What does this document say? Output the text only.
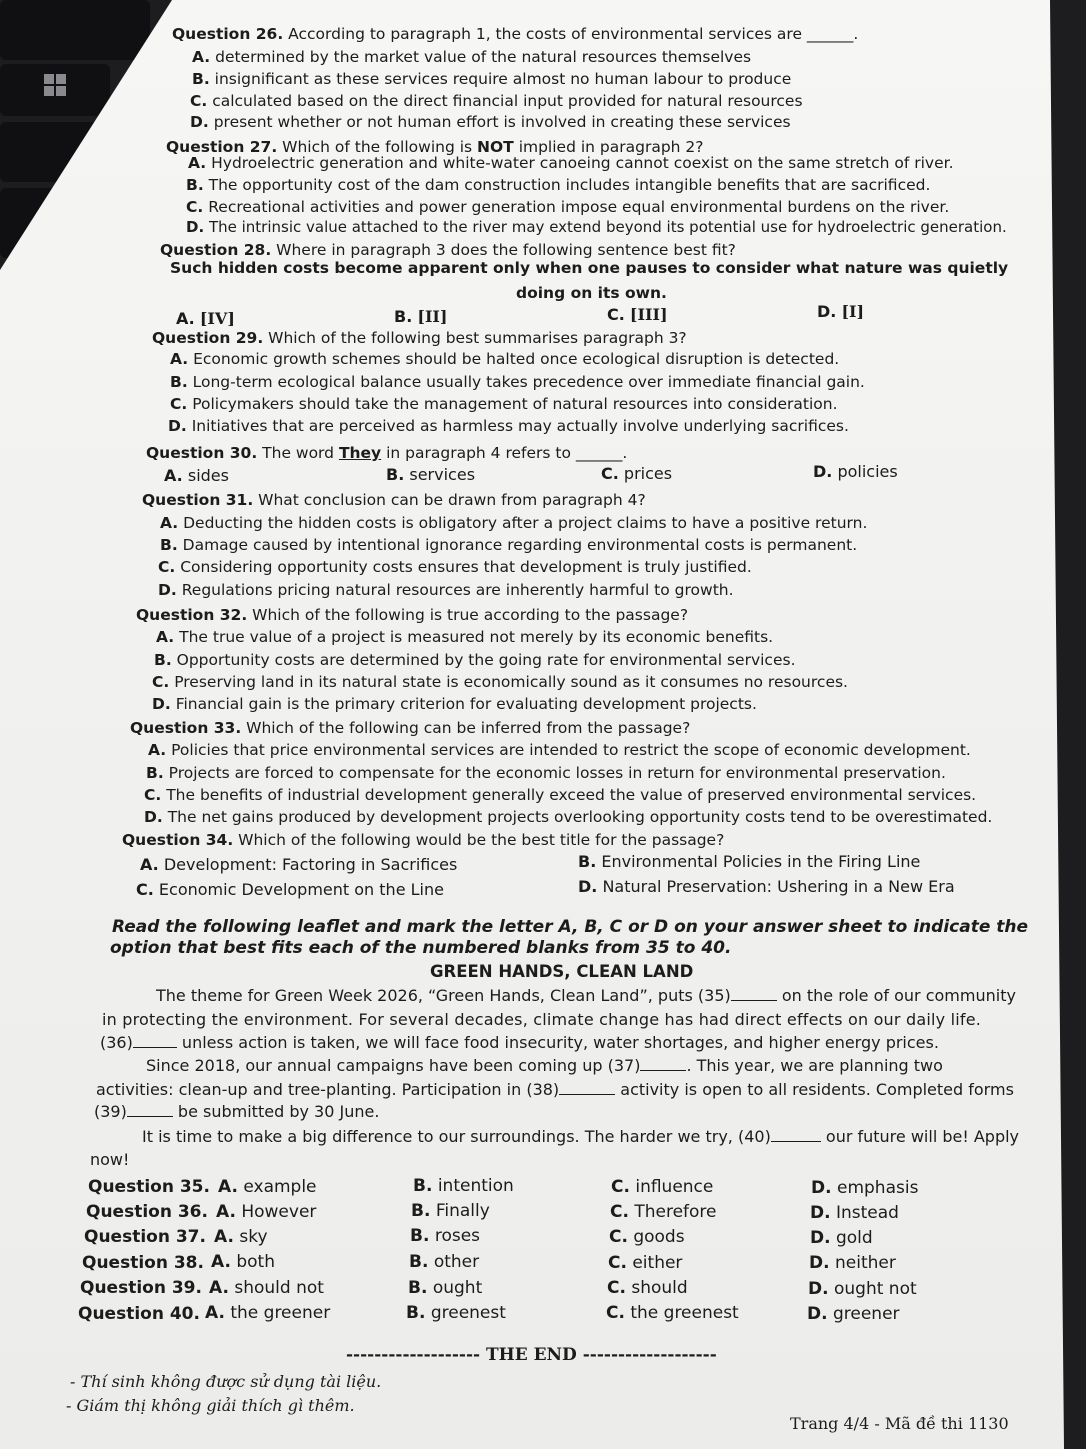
Question 26. According to paragraph 1, the costs of environmental services are ______.
A. determined by the market value of the natural resources themselves
B. insignificant as these services require almost no human labour to produce
C. calculated based on the direct financial input provided for natural resources
D. present whether or not human effort is involved in creating these services
Question 27. Which of the following is NOT implied in paragraph 2?
A. Hydroelectric generation and white-water canoeing cannot coexist on the same stretch of river.
B. The opportunity cost of the dam construction includes intangible benefits that are sacrificed.
C. Recreational activities and power generation impose equal environmental burdens on the river.
D. The intrinsic value attached to the river may extend beyond its potential use for hydroelectric generation.
Question 28. Where in paragraph 3 does the following sentence best fit?
Such hidden costs become apparent only when one pauses to consider what nature was quietly
doing on its own.
A. [IV]	B. [II]	C. [III]	D. [I]
Question 29. Which of the following best summarises paragraph 3?
A. Economic growth schemes should be halted once ecological disruption is detected.
B. Long-term ecological balance usually takes precedence over immediate financial gain.
C. Policymakers should take the management of natural resources into consideration.
D. Initiatives that are perceived as harmless may actually involve underlying sacrifices.
Question 30. The word They in paragraph 4 refers to ______.
A. sides	B. services	C. prices	D. policies
Question 31. What conclusion can be drawn from paragraph 4?
A. Deducting the hidden costs is obligatory after a project claims to have a positive return.
B. Damage caused by intentional ignorance regarding environmental costs is permanent.
C. Considering opportunity costs ensures that development is truly justified.
D. Regulations pricing natural resources are inherently harmful to growth.
Question 32. Which of the following is true according to the passage?
A. The true value of a project is measured not merely by its economic benefits.
B. Opportunity costs are determined by the going rate for environmental services.
C. Preserving land in its natural state is economically sound as it consumes no resources.
D. Financial gain is the primary criterion for evaluating development projects.
Question 33. Which of the following can be inferred from the passage?
A. Policies that price environmental services are intended to restrict the scope of economic development.
B. Projects are forced to compensate for the economic losses in return for environmental preservation.
C. The benefits of industrial development generally exceed the value of preserved environmental services.
D. The net gains produced by development projects overlooking opportunity costs tend to be overestimated.
Question 34. Which of the following would be the best title for the passage?
A. Development: Factoring in Sacrifices	B. Environmental Policies in the Firing Line
C. Economic Development on the Line	D. Natural Preservation: Ushering in a New Era
Read the following leaflet and mark the letter A, B, C or D on your answer sheet to indicate the
option that best fits each of the numbered blanks from 35 to 40.
GREEN HANDS, CLEAN LAND
The theme for Green Week 2026, “Green Hands, Clean Land”, puts (35)	on the role of our community
in protecting the environment. For several decades, climate change has had direct effects on our daily life.
(36)	unless action is taken, we will face food insecurity, water shortages, and higher energy prices.
Since 2018, our annual campaigns have been coming up (37)	. This year, we are planning two
activities: clean-up and tree-planting. Participation in (38)	activity is open to all residents. Completed forms
(39)	be submitted by 30 June.
It is time to make a big difference to our surroundings. The harder we try, (40)	our future will be! Apply
now!
Question 35. A. example	B. intention	C. influence	D. emphasis
Question 36. A. However	B. Finally	C. Therefore	D. Instead
Question 37. A. sky	B. roses	C. goods	D. gold
Question 38. A. both	B. other	C. either	D. neither
Question 39. A. should not	B. ought	C. should	D. ought not
Question 40. A. the greener	B. greenest	C. the greenest	D. greener
------------------- THE END -------------------
- Thí sinh không được sử dụng tài liệu.
- Giám thị không giải thích gì thêm.
Trang 4/4 - Mã đề thi 1130
